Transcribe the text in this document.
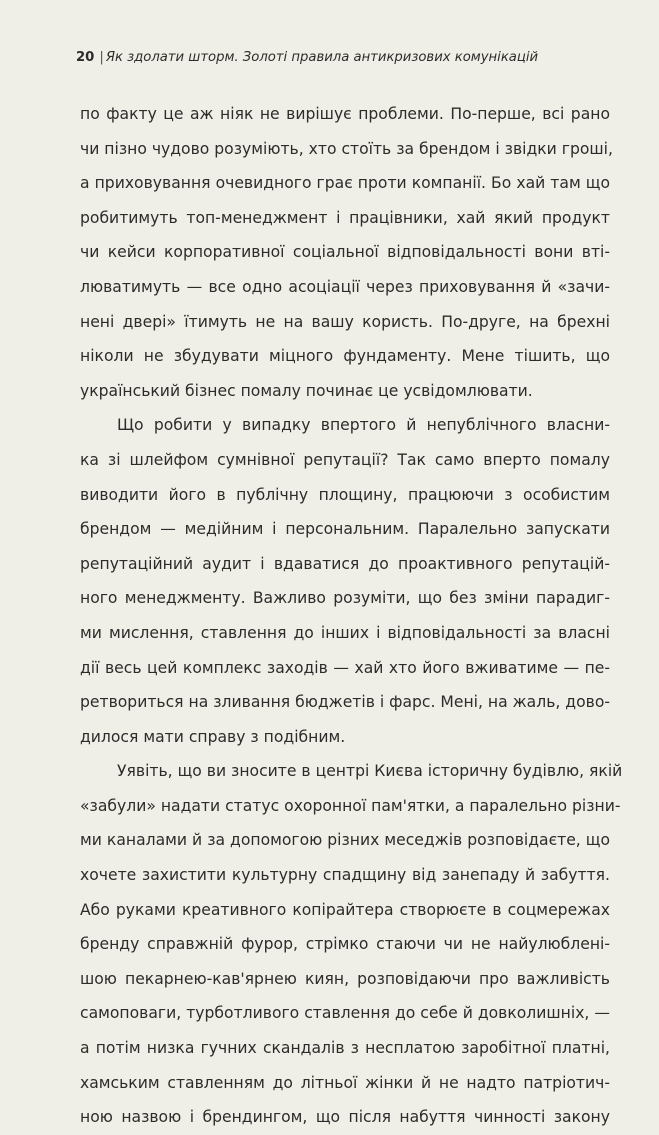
20 | Як здолати шторм. Золоті правила антикризових комунікацій
по факту це аж ніяк не вирішує проблеми. По-перше, всі рано
чи пізно чудово розуміють, хто стоїть за брендом і звідки гроші,
а приховування очевидного грає проти компанії. Бо хай там що
робитимуть топ-менеджмент і працівники, хай який продукт
чи кейси корпоративної соціальної відповідальності вони вті-
люватимуть — все одно асоціації через приховування й «зачи-
нені двері» їтимуть не на вашу користь. По-друге, на брехні
ніколи не збудувати міцного фундаменту. Мене тішить, що
український бізнес помалу починає це усвідомлювати.
Що робити у випадку впертого й непублічного власни-
ка зі шлейфом сумнівної репутації? Так само вперто помалу
виводити його в публічну площину, працюючи з особистим
брендом — медійним і персональним. Паралельно запускати
репутаційний аудит і вдаватися до проактивного репутацій-
ного менеджменту. Важливо розуміти, що без зміни парадиг-
ми мислення, ставлення до інших і відповідальності за власні
дії весь цей комплекс заходів — хай хто його вживатиме — пе-
ретвориться на зливання бюджетів і фарс. Мені, на жаль, дово-
дилося мати справу з подібним.
Уявіть, що ви зносите в центрі Києва історичну будівлю, якій
«забули» надати статус охоронної пам'ятки, а паралельно різни-
ми каналами й за допомогою різних меседжів розповідаєте, що
хочете захистити культурну спадщину від занепаду й забуття.
Або руками креативного копірайтера створюєте в соцмережах
бренду справжній фурор, стрімко стаючи чи не найулюблені-
шою пекарнею-кав'ярнею киян, розповідаючи про важливість
самоповаги, турботливого ставлення до себе й довколишніх, —
а потім низка гучних скандалів з несплатою заробітної платні,
хамським ставленням до літньої жінки й не надто патріотич-
ною назвою і брендингом, що після набуття чинності закону
